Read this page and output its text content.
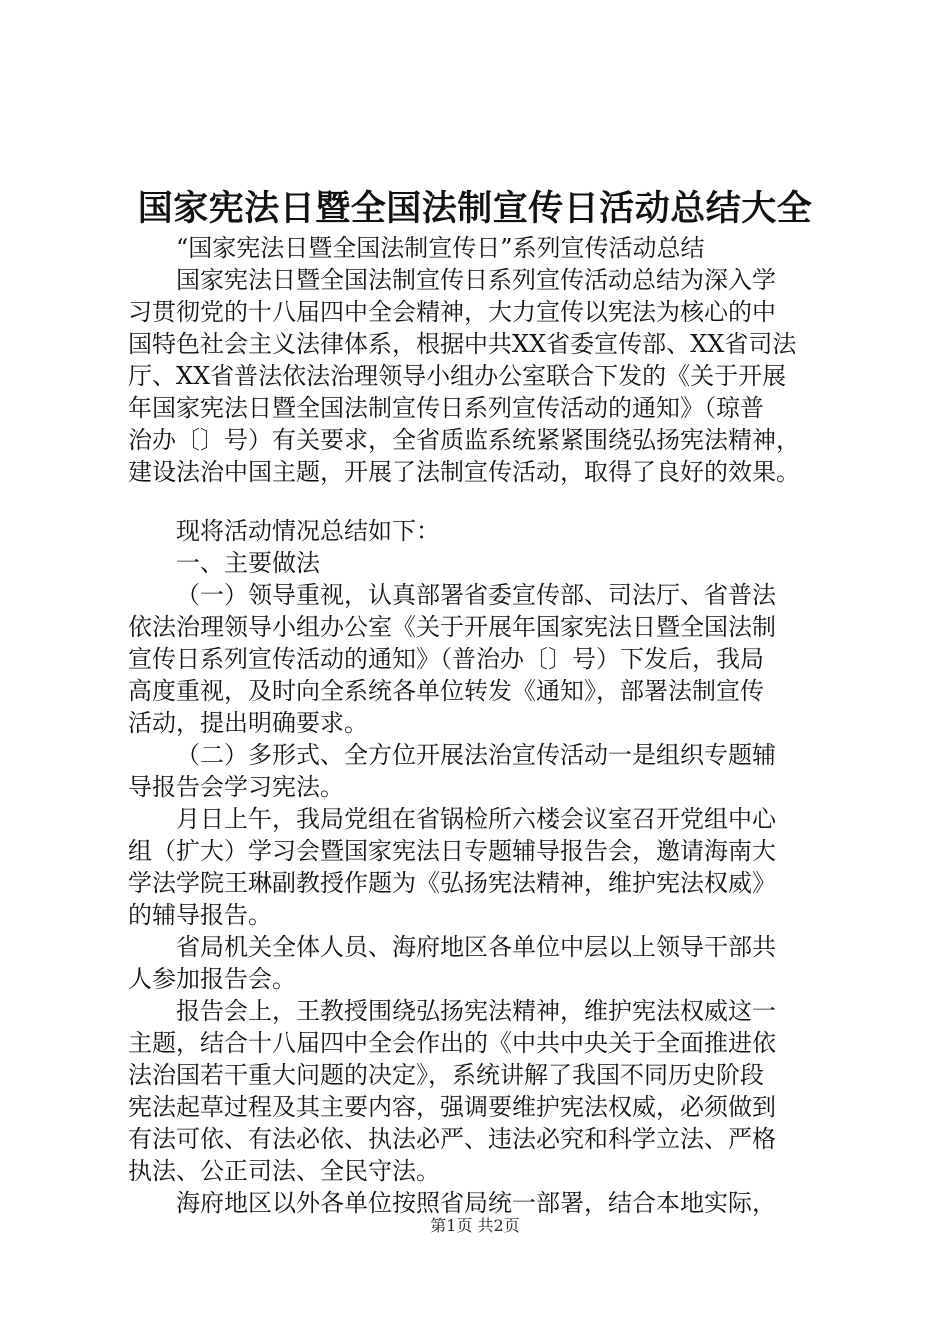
国家宪法日暨全国法制宣传日活动总结大全

“国家宪法日暨全国法制宣传日”系列宣传活动总结

国家宪法日暨全国法制宣传日系列宣传活动总结为深入学
习贯彻党的十八届四中全会精神，大力宣传以宪法为核心的中
国特色社会主义法律体系，根据中共XX省委宣传部、XX省司法
厅、XX省普法依法治理领导小组办公室联合下发的《关于开展
年国家宪法日暨全国法制宣传日系列宣传活动的通知》（琼普
治办〔〕号）有关要求，全省质监系统紧紧围绕弘扬宪法精神，
建设法治中国主题，开展了法制宣传活动，取得了良好的效果。

现将活动情况总结如下：

一、主要做法

（一）领导重视，认真部署省委宣传部、司法厅、省普法
依法治理领导小组办公室《关于开展年国家宪法日暨全国法制
宣传日系列宣传活动的通知》（普治办〔〕号）下发后，我局
高度重视，及时向全系统各单位转发《通知》，部署法制宣传
活动，提出明确要求。

（二）多形式、全方位开展法治宣传活动一是组织专题辅
导报告会学习宪法。

月日上午，我局党组在省锅检所六楼会议室召开党组中心
组（扩大）学习会暨国家宪法日专题辅导报告会，邀请海南大
学法学院王琳副教授作题为《弘扬宪法精神，维护宪法权威》
的辅导报告。

省局机关全体人员、海府地区各单位中层以上领导干部共
人参加报告会。

报告会上，王教授围绕弘扬宪法精神，维护宪法权威这一
主题，结合十八届四中全会作出的《中共中央关于全面推进依
法治国若干重大问题的决定》，系统讲解了我国不同历史阶段
宪法起草过程及其主要内容，强调要维护宪法权威，必须做到
有法可依、有法必依、执法必严、违法必究和科学立法、严格
执法、公正司法、全民守法。

海府地区以外各单位按照省局统一部署，结合本地实际，

第1页 共2页
